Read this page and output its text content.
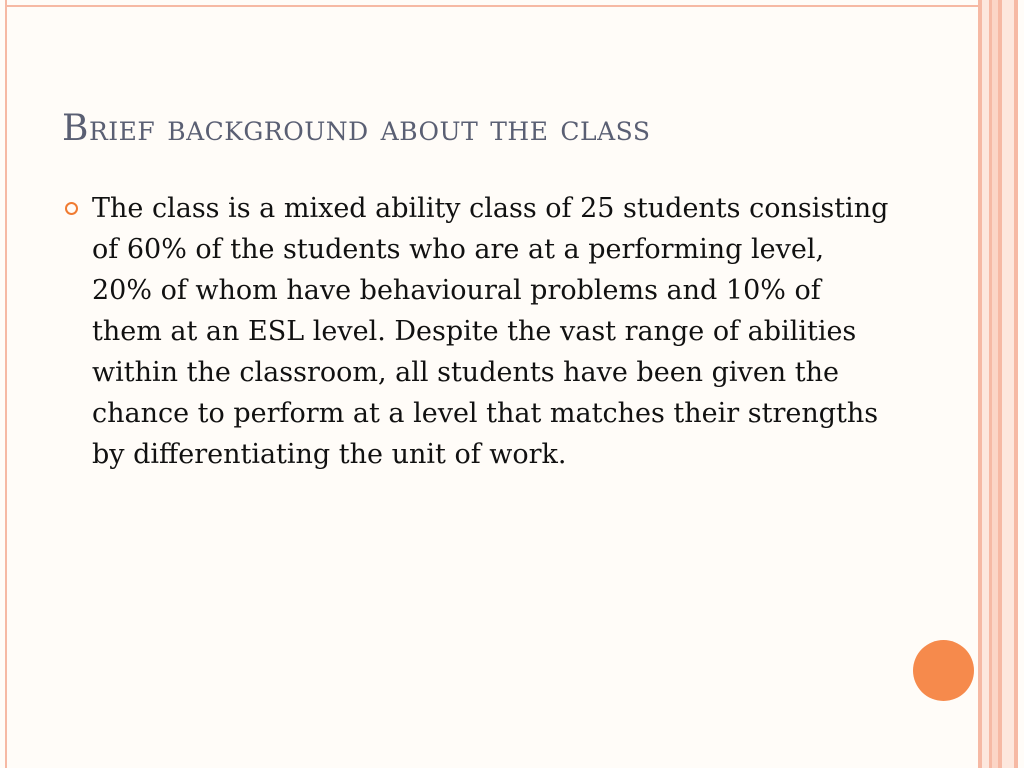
Brief background about the class

The class is a mixed ability class of 25 students consisting of 60% of the students who are at a performing level, 20% of whom have behavioural problems and 10% of them at an ESL level. Despite the vast range of abilities within the classroom, all students have been given the chance to perform at a level that matches their strengths by differentiating the unit of work.
